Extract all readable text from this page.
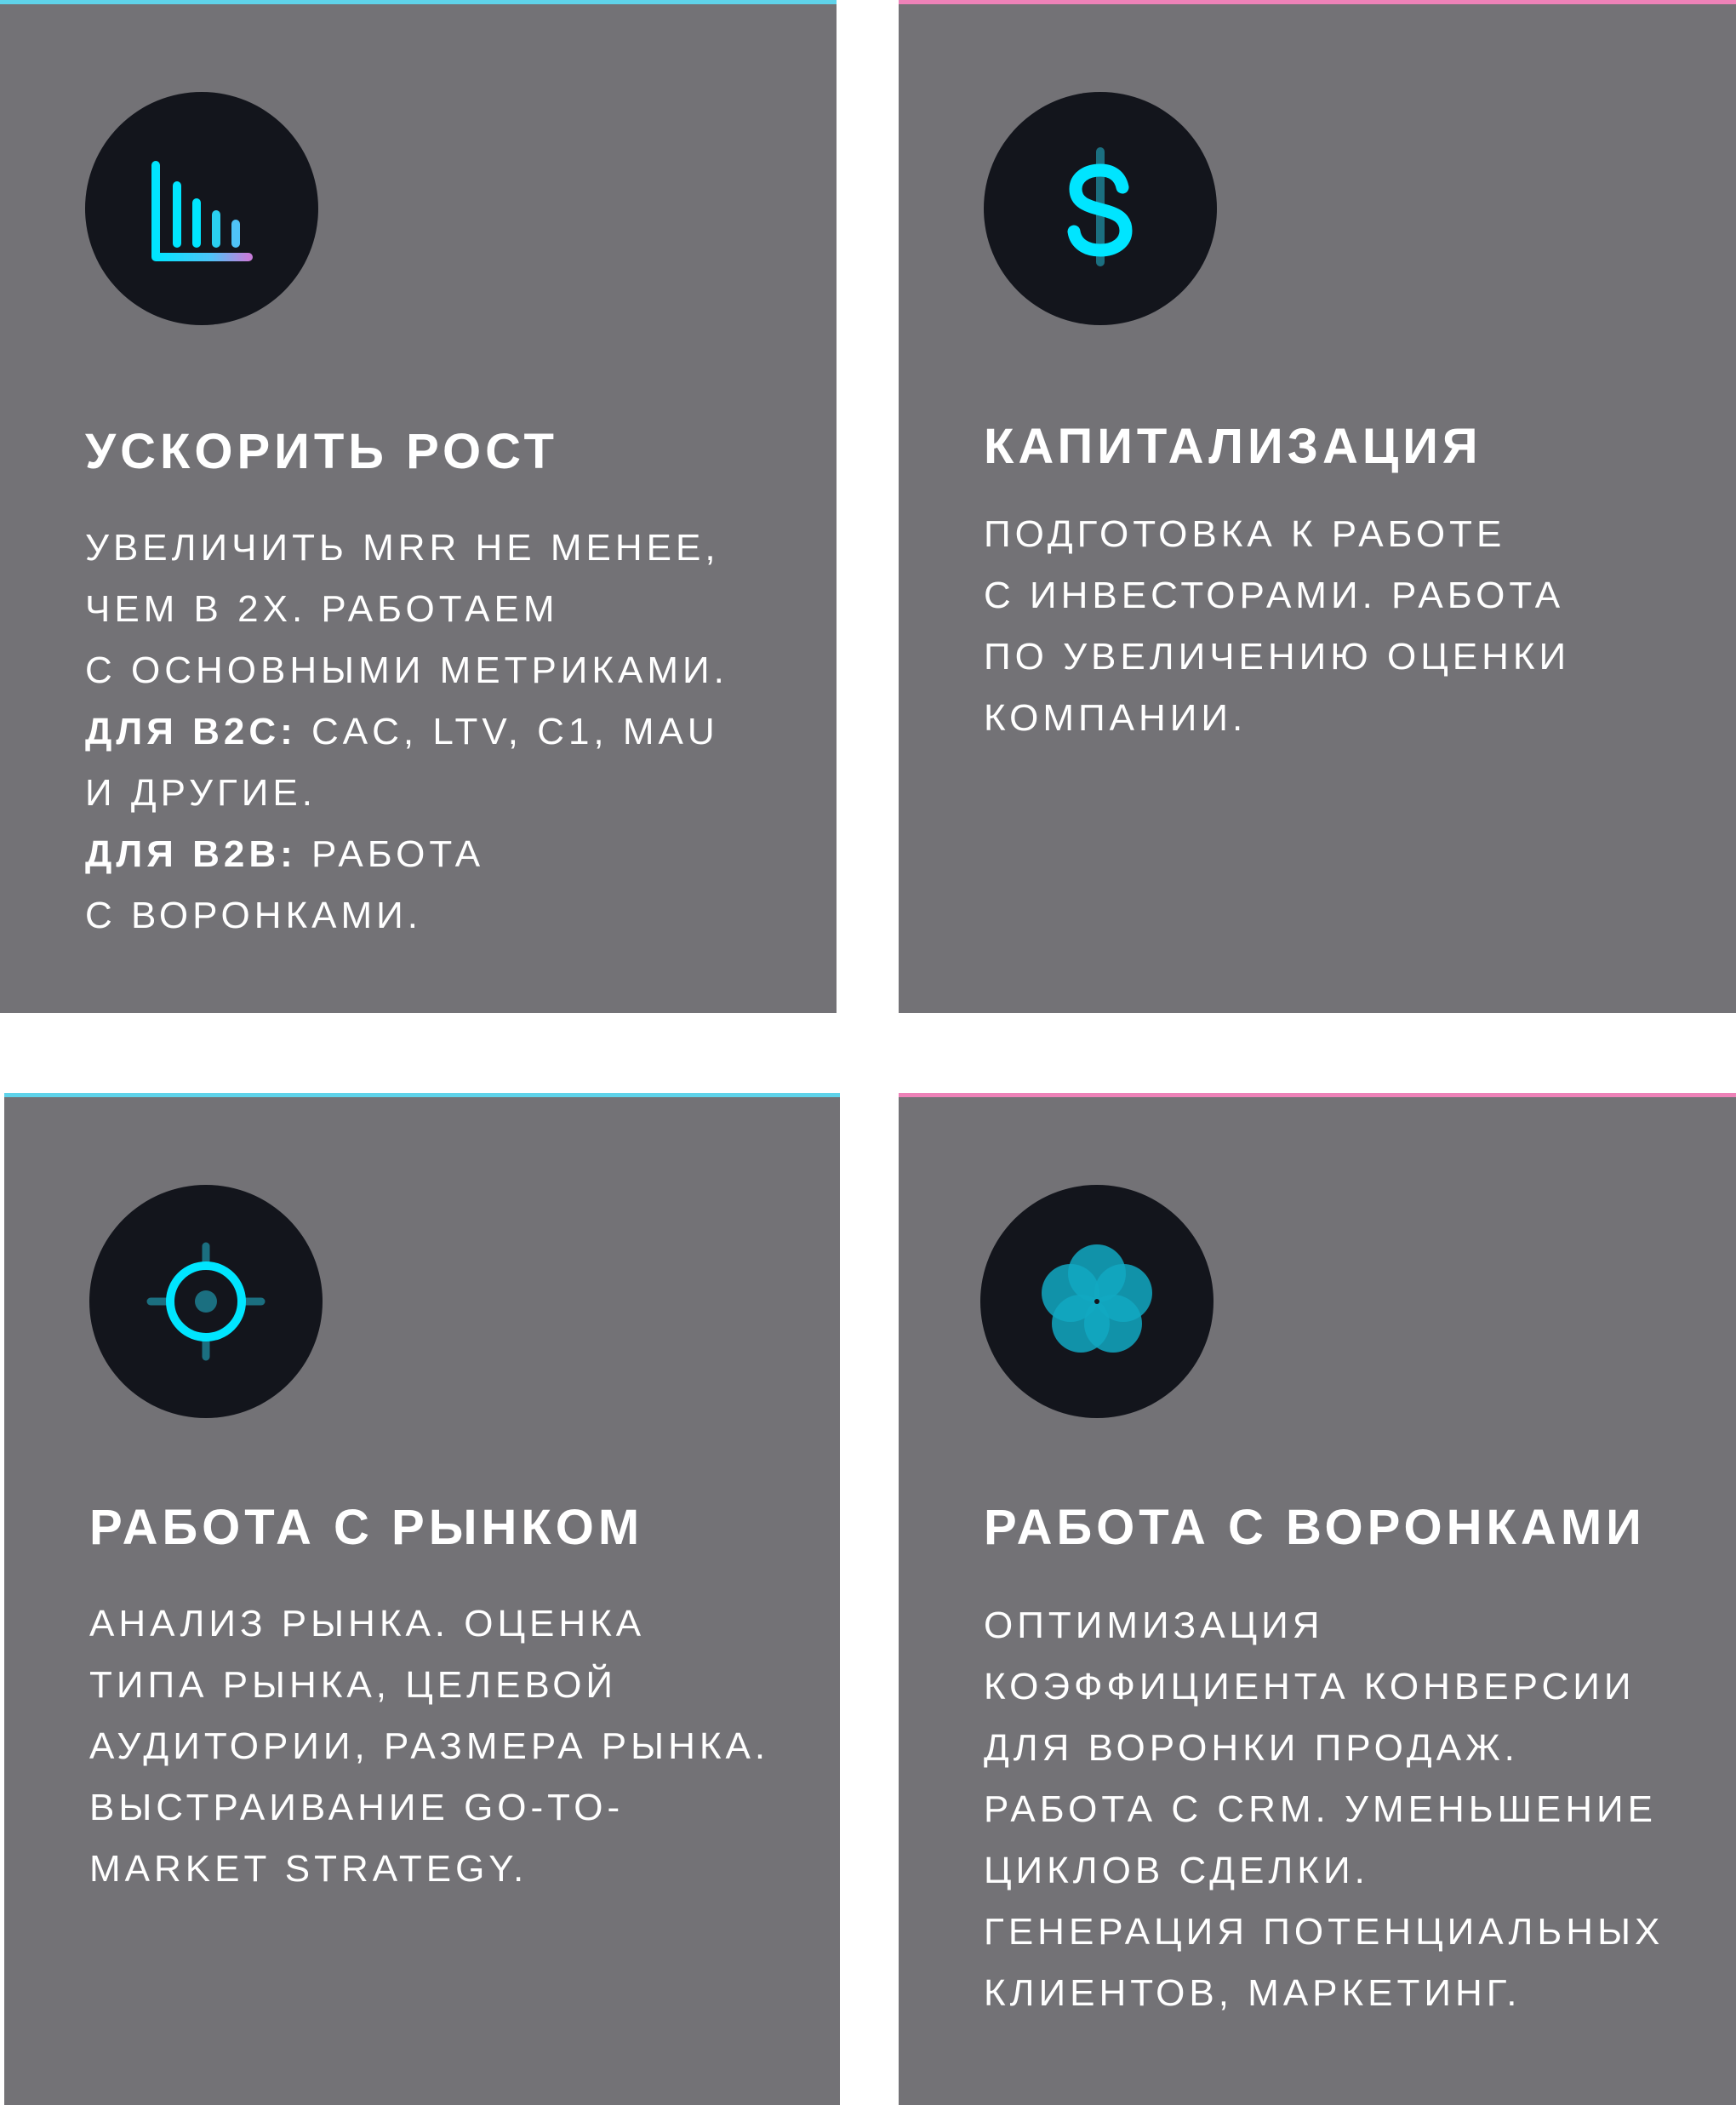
УСКОРИТЬ РОСТ
УВЕЛИЧИТЬ MRR НЕ МЕНЕЕ,
ЧЕМ В 2Х. РАБОТАЕМ
С ОСНОВНЫМИ МЕТРИКАМИ.
ДЛЯ B2C: CAC, LTV, C1, MAU
И ДРУГИЕ.
ДЛЯ B2B: РАБОТА
С ВОРОНКАМИ.
КАПИТАЛИЗАЦИЯ
ПОДГОТОВКА К РАБОТЕ
С ИНВЕСТОРАМИ. РАБОТА
ПО УВЕЛИЧЕНИЮ ОЦЕНКИ
КОМПАНИИ.
РАБОТА С РЫНКОМ
АНАЛИЗ РЫНКА. ОЦЕНКА
ТИПА РЫНКА, ЦЕЛЕВОЙ
АУДИТОРИИ, РАЗМЕРА РЫНКА.
ВЫСТРАИВАНИЕ GO-TO-
MARKET STRATEGY.
РАБОТА С ВОРОНКАМИ
ОПТИМИЗАЦИЯ
КОЭФФИЦИЕНТА КОНВЕРСИИ
ДЛЯ ВОРОНКИ ПРОДАЖ.
РАБОТА С CRM. УМЕНЬШЕНИЕ
ЦИКЛОВ СДЕЛКИ.
ГЕНЕРАЦИЯ ПОТЕНЦИАЛЬНЫХ
КЛИЕНТОВ, МАРКЕТИНГ.
